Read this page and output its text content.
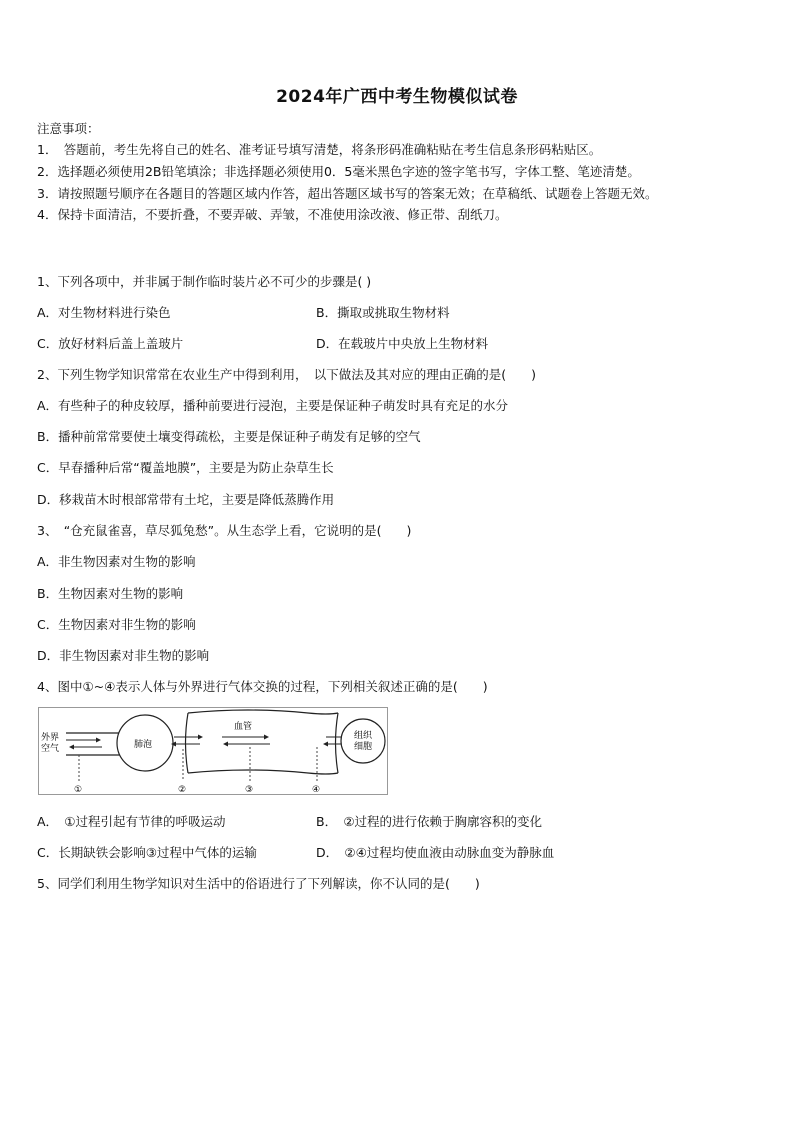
2024年广西中考生物模似试卷
注意事项：
1．　答题前，考生先将自己的姓名、准考证号填写清楚，将条形码准确粘贴在考生信息条形码粘贴区。
2．选择题必须使用2B铅笔填涂；非选择题必须使用0．5毫米黑色字迹的签字笔书写，字体工整、笔迹清楚。
3．请按照题号顺序在各题目的答题区域内作答，超出答题区域书写的答案无效；在草稿纸、试题卷上答题无效。
4．保持卡面清洁，不要折叠，不要弄破、弄皱，不准使用涂改液、修正带、刮纸刀。
1、下列各项中，并非属于制作临时装片必不可少的步骤是( )
A．对生物材料进行染色	B．撕取或挑取生物材料
C．放好材料后盖上盖玻片	D．在载玻片中央放上生物材料
2、下列生物学知识常常在农业生产中得到利用，　以下做法及其对应的理由正确的是(　　)
A．有些种子的种皮较厚，播种前要进行浸泡，主要是保证种子萌发时具有充足的水分
B．播种前常常要使土壤变得疏松，主要是保证种子萌发有足够的空气
C．早春播种后常“覆盖地膜”，主要是为防止杂草生长
D．移栽苗木时根部常带有土坨，主要是降低蒸腾作用
3、　“仓充鼠雀喜，草尽狐兔愁”。从生态学上看，它说明的是(　　)
A．非生物因素对生物的影响
B．生物因素对生物的影响
C．生物因素对非生物的影响
D．非生物因素对非生物的影响
4、图中①~④表示人体与外界进行气体交换的过程，下列相关叙述正确的是(　　)
外界
空气	肺泡
血管
组织
细胞
①	②	③	④
A．　①过程引起有节律的呼吸运动	B．　②过程的进行依赖于胸廓容积的变化
C．长期缺铁会影响③过程中气体的运输	D．　②④过程均使血液由动脉血变为静脉血
5、同学们利用生物学知识对生活中的俗语进行了下列解读，你不认同的是(　　)
